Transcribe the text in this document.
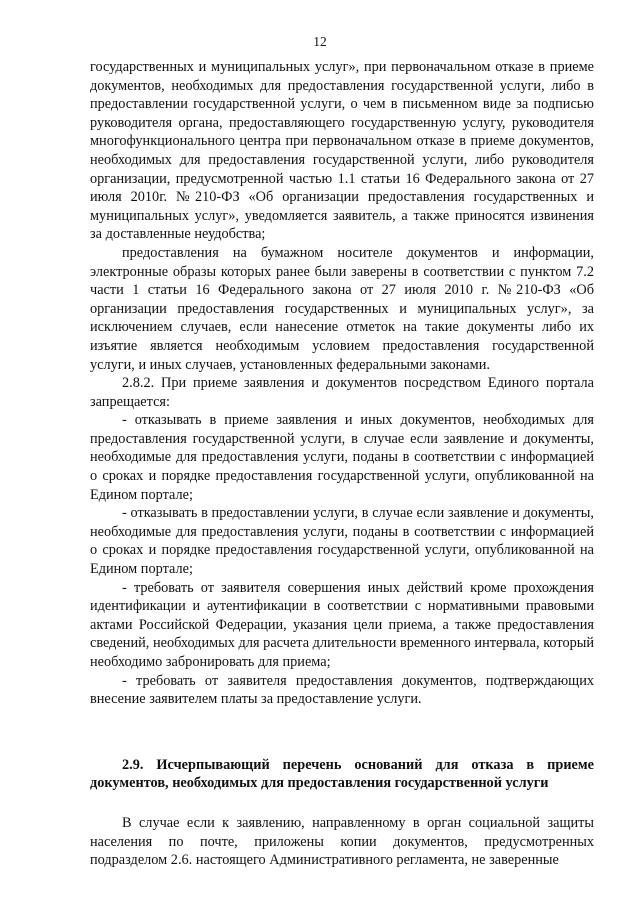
12

государственных и муниципальных услуг», при первоначальном отказе в приеме документов, необходимых для предоставления государственной услуги, либо в предоставлении государственной услуги, о чем в письменном виде за подписью руководителя органа, предоставляющего государственную услугу, руководителя многофункционального центра при первоначальном отказе в приеме документов, необходимых для предоставления государственной услуги, либо руководителя организации, предусмотренной частью 1.1 статьи 16 Федерального закона от 27 июля 2010г. №210-ФЗ «Об организации предоставления государственных и муниципальных услуг», уведомляется заявитель, а также приносятся извинения за доставленные неудобства;

предоставления на бумажном носителе документов и информации, электронные образы которых ранее были заверены в соответствии с пунктом 7.2 части 1 статьи 16 Федерального закона от 27 июля 2010 г. №210-ФЗ «Об организации предоставления государственных и муниципальных услуг», за исключением случаев, если нанесение отметок на такие документы либо их изъятие является необходимым условием предоставления государственной услуги, и иных случаев, установленных федеральными законами.

2.8.2. При приеме заявления и документов посредством Единого портала запрещается:

- отказывать в приеме заявления и иных документов, необходимых для предоставления государственной услуги, в случае если заявление и документы, необходимые для предоставления услуги, поданы в соответствии с информацией о сроках и порядке предоставления государственной услуги, опубликованной на Едином портале;

- отказывать в предоставлении услуги, в случае если заявление и документы, необходимые для предоставления услуги, поданы в соответствии с информацией о сроках и порядке предоставления государственной услуги, опубликованной на Едином портале;

- требовать от заявителя совершения иных действий кроме прохождения идентификации и аутентификации в соответствии с нормативными правовыми актами Российской Федерации, указания цели приема, а также предоставления сведений, необходимых для расчета длительности временного интервала, который необходимо забронировать для приема;

- требовать от заявителя предоставления документов, подтверждающих внесение заявителем платы за предоставление услуги.

2.9. Исчерпывающий перечень оснований для отказа в приеме документов, необходимых для предоставления государственной услуги

В случае если к заявлению, направленному в орган социальной защиты населения по почте, приложены копии документов, предусмотренных подразделом 2.6. настоящего Административного регламента, не заверенные
